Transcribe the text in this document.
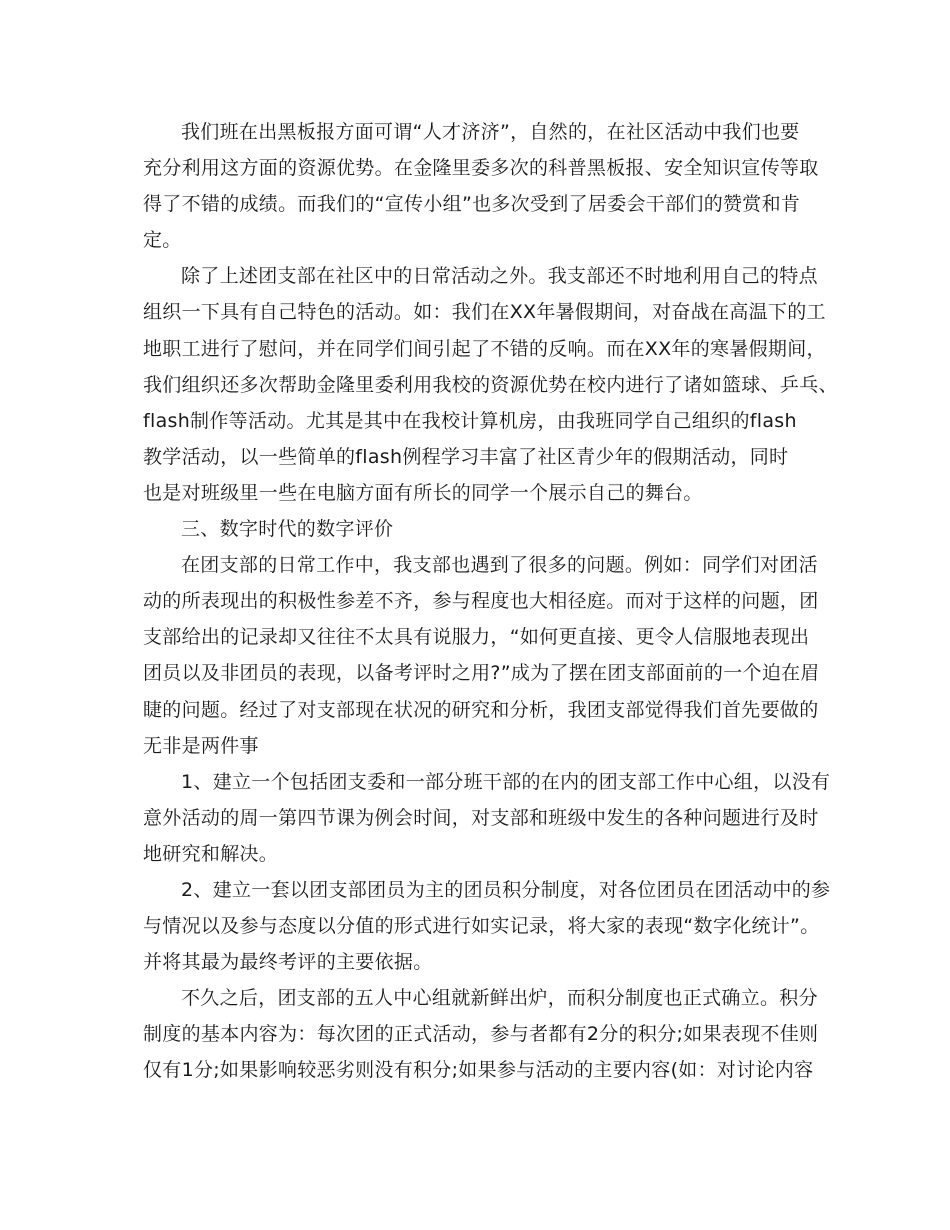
我们班在出黑板报方面可谓“人才济济”，自然的，在社区活动中我们也要
充分利用这方面的资源优势。在金隆里委多次的科普黑板报、安全知识宣传等取
得了不错的成绩。而我们的“宣传小组”也多次受到了居委会干部们的赞赏和肯
定。
除了上述团支部在社区中的日常活动之外。我支部还不时地利用自己的特点
组织一下具有自己特色的活动。如：我们在XX年暑假期间，对奋战在高温下的工
地职工进行了慰问，并在同学们间引起了不错的反响。而在XX年的寒暑假期间，
我们组织还多次帮助金隆里委利用我校的资源优势在校内进行了诸如篮球、乒乓、
flash制作等活动。尤其是其中在我校计算机房，由我班同学自己组织的flash
教学活动，以一些简单的flash例程学习丰富了社区青少年的假期活动，同时
也是对班级里一些在电脑方面有所长的同学一个展示自己的舞台。
三、数字时代的数字评价
在团支部的日常工作中，我支部也遇到了很多的问题。例如：同学们对团活
动的所表现出的积极性参差不齐，参与程度也大相径庭。而对于这样的问题，团
支部给出的记录却又往往不太具有说服力，“如何更直接、更令人信服地表现出
团员以及非团员的表现，以备考评时之用?”成为了摆在团支部面前的一个迫在眉
睫的问题。经过了对支部现在状况的研究和分析，我团支部觉得我们首先要做的
无非是两件事
1、建立一个包括团支委和一部分班干部的在内的团支部工作中心组，以没有
意外活动的周一第四节课为例会时间，对支部和班级中发生的各种问题进行及时
地研究和解决。
2、建立一套以团支部团员为主的团员积分制度，对各位团员在团活动中的参
与情况以及参与态度以分值的形式进行如实记录，将大家的表现“数字化统计”。
并将其最为最终考评的主要依据。
不久之后，团支部的五人中心组就新鲜出炉，而积分制度也正式确立。积分
制度的基本内容为：每次团的正式活动，参与者都有2分的积分;如果表现不佳则
仅有1分;如果影响较恶劣则没有积分;如果参与活动的主要内容(如：对讨论内容
